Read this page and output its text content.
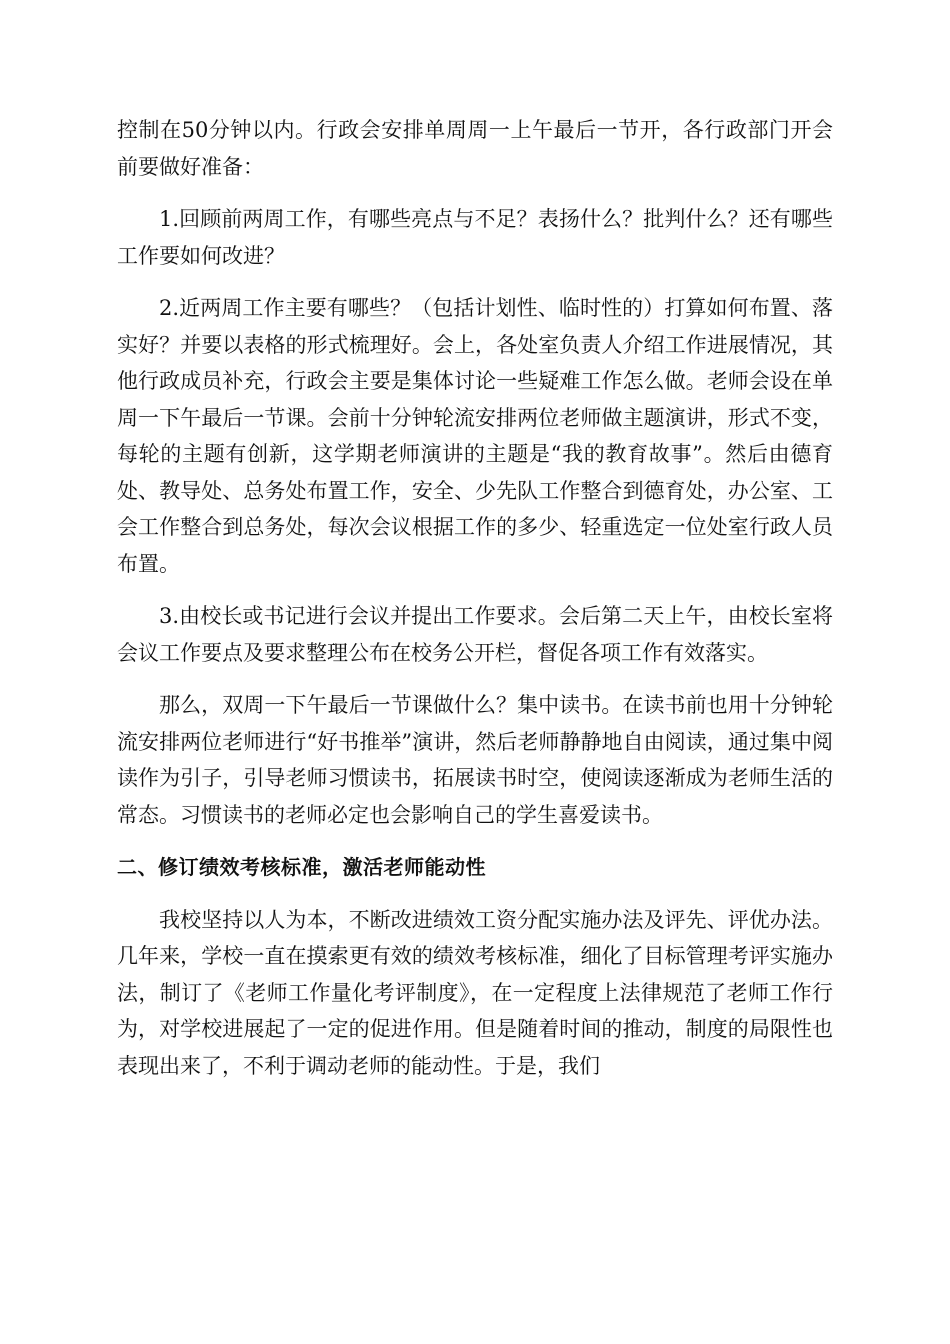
控制在50分钟以内。行政会安排单周周一上午最后一节开，各行政部门开会前要做好准备：

1.回顾前两周工作，有哪些亮点与不足？表扬什么？批判什么？还有哪些工作要如何改进？

2.近两周工作主要有哪些？（包括计划性、临时性的）打算如何布置、落实好？并要以表格的形式梳理好。会上，各处室负责人介绍工作进展情况，其他行政成员补充，行政会主要是集体讨论一些疑难工作怎么做。老师会设在单周一下午最后一节课。会前十分钟轮流安排两位老师做主题演讲，形式不变，每轮的主题有创新，这学期老师演讲的主题是“我的教育故事”。然后由德育处、教导处、总务处布置工作，安全、少先队工作整合到德育处，办公室、工会工作整合到总务处，每次会议根据工作的多少、轻重选定一位处室行政人员布置。

3.由校长或书记进行会议并提出工作要求。会后第二天上午，由校长室将会议工作要点及要求整理公布在校务公开栏，督促各项工作有效落实。

那么，双周一下午最后一节课做什么？集中读书。在读书前也用十分钟轮流安排两位老师进行“好书推举”演讲，然后老师静静地自由阅读，通过集中阅读作为引子，引导老师习惯读书，拓展读书时空，使阅读逐渐成为老师生活的常态。习惯读书的老师必定也会影响自己的学生喜爱读书。

二、修订绩效考核标准，激活老师能动性

我校坚持以人为本，不断改进绩效工资分配实施办法及评先、评优办法。几年来，学校一直在摸索更有效的绩效考核标准，细化了目标管理考评实施办法，制订了《老师工作量化考评制度》，在一定程度上法律规范了老师工作行为，对学校进展起了一定的促进作用。但是随着时间的推动，制度的局限性也表现出来了，不利于调动老师的能动性。于是，我们
